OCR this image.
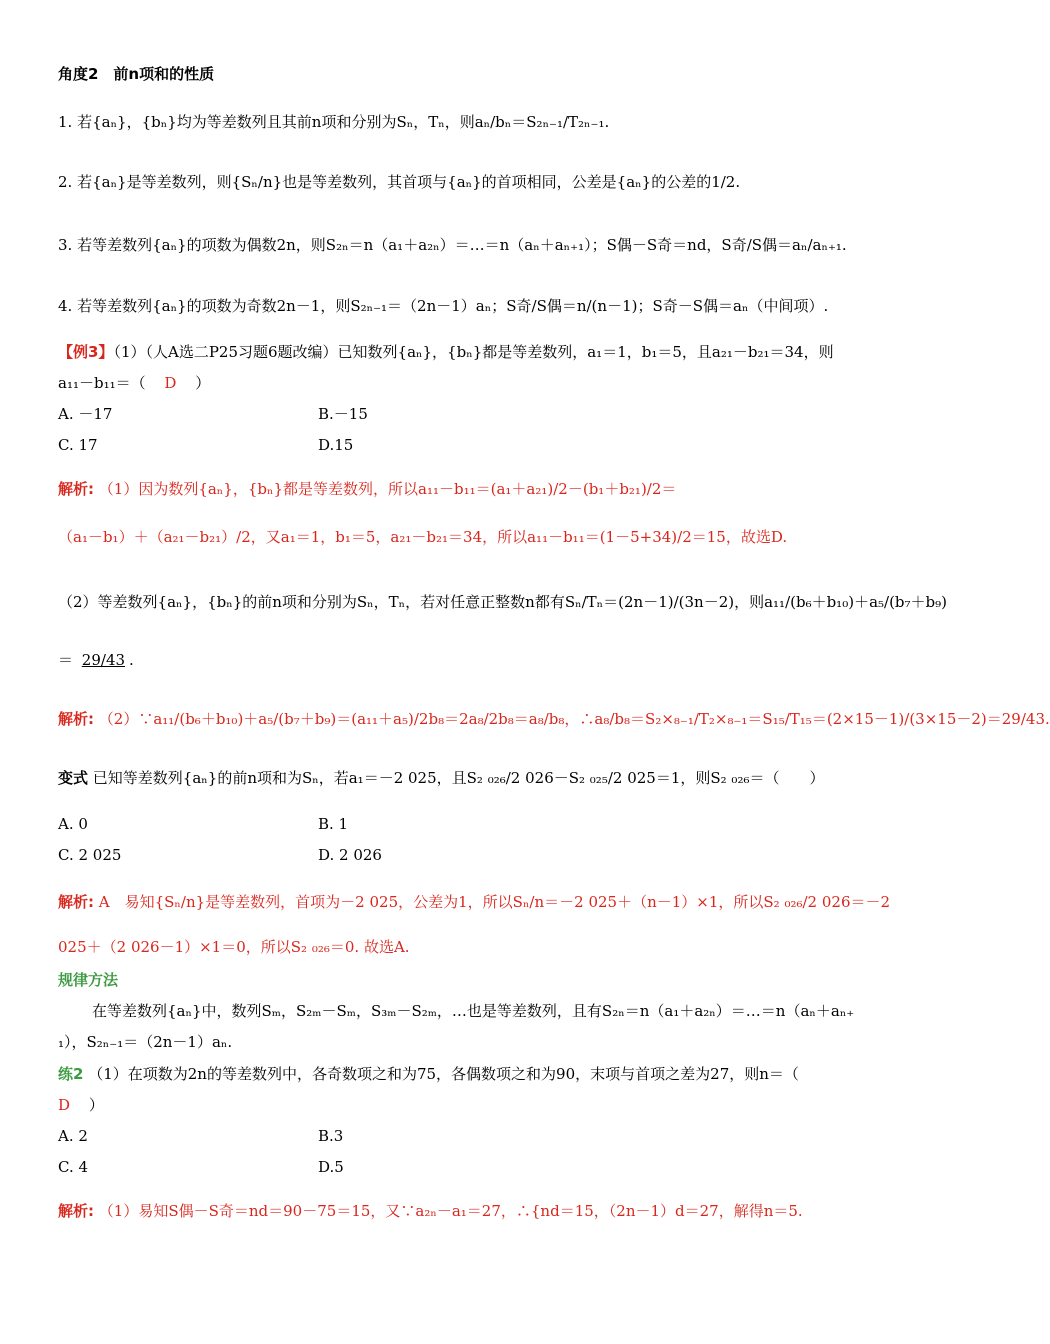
角度2　前n项和的性质
1. 若{aₙ}，{bₙ}均为等差数列且其前n项和分别为Sₙ，Tₙ，则aₙ/bₙ＝S₂ₙ₋₁/T₂ₙ₋₁.
2. 若{aₙ}是等差数列，则{Sₙ/n}也是等差数列，其首项与{aₙ}的首项相同，公差是{aₙ}的公差的1/2.
3. 若等差数列{aₙ}的项数为偶数2n，则S₂ₙ＝n（a₁＋a₂ₙ）＝…＝n（aₙ＋aₙ₊₁）；S偶－S奇＝nd，S奇/S偶＝aₙ/aₙ₊₁.
4. 若等差数列{aₙ}的项数为奇数2n－1，则S₂ₙ₋₁＝（2n－1）aₙ；S奇/S偶＝n/(n－1)；S奇－S偶＝aₙ（中间项）.
【例3】（1）（人A选二P25习题6题改编）已知数列{aₙ}，{bₙ}都是等差数列，a₁＝1，b₁＝5，且a₂₁－b₂₁＝34，则
a₁₁－b₁₁＝（ D ）
A. －17	B.－15
C. 17	D.15
解析: （1）因为数列{aₙ}，{bₙ}都是等差数列，所以a₁₁－b₁₁＝(a₁＋a₂₁)/2－(b₁＋b₂₁)/2＝
（a₁－b₁）＋（a₂₁－b₂₁）/2，又a₁＝1，b₁＝5，a₂₁－b₂₁＝34，所以a₁₁－b₁₁＝(1－5+34)/2＝15，故选D.
（2）等差数列{aₙ}，{bₙ}的前n项和分别为Sₙ，Tₙ，若对任意正整数n都有Sₙ/Tₙ＝(2n－1)/(3n－2)，则a₁₁/(b₆＋b₁₀)＋a₅/(b₇＋b₉)
＝ 29/43 .
解析: （2）∵a₁₁/(b₆＋b₁₀)＋a₅/(b₇＋b₉)＝(a₁₁＋a₅)/2b₈＝2a₈/2b₈＝a₈/b₈，∴a₈/b₈＝S₂×₈₋₁/T₂×₈₋₁＝S₁₅/T₁₅＝(2×15－1)/(3×15－2)＝29/43.
变式 已知等差数列{aₙ}的前n项和为Sₙ，若a₁＝－2 025，且S₂ ₀₂₆/2 026－S₂ ₀₂₅/2 025＝1，则S₂ ₀₂₆＝（　　）
A. 0	B. 1
C. 2 025	D. 2 026
解析: A　易知{Sₙ/n}是等差数列，首项为－2 025，公差为1，所以Sₙ/n＝－2 025＋（n－1）×1，所以S₂ ₀₂₆/2 026＝－2
025＋（2 026－1）×1＝0，所以S₂ ₀₂₆＝0. 故选A.
规律方法
在等差数列{aₙ}中，数列Sₘ，S₂ₘ－Sₘ，S₃ₘ－S₂ₘ，…也是等差数列，且有S₂ₙ＝n（a₁＋a₂ₙ）＝…＝n（aₙ＋aₙ₊
₁），S₂ₙ₋₁＝（2n－1）aₙ.
练2 （1）在项数为2n的等差数列中，各奇数项之和为75，各偶数项之和为90，末项与首项之差为27，则n＝（
D ）
A. 2	B.3
C. 4	D.5
解析: （1）易知S偶－S奇＝nd＝90－75＝15，又∵a₂ₙ－a₁＝27，∴{nd＝15，（2n－1）d＝27，解得n＝5.
